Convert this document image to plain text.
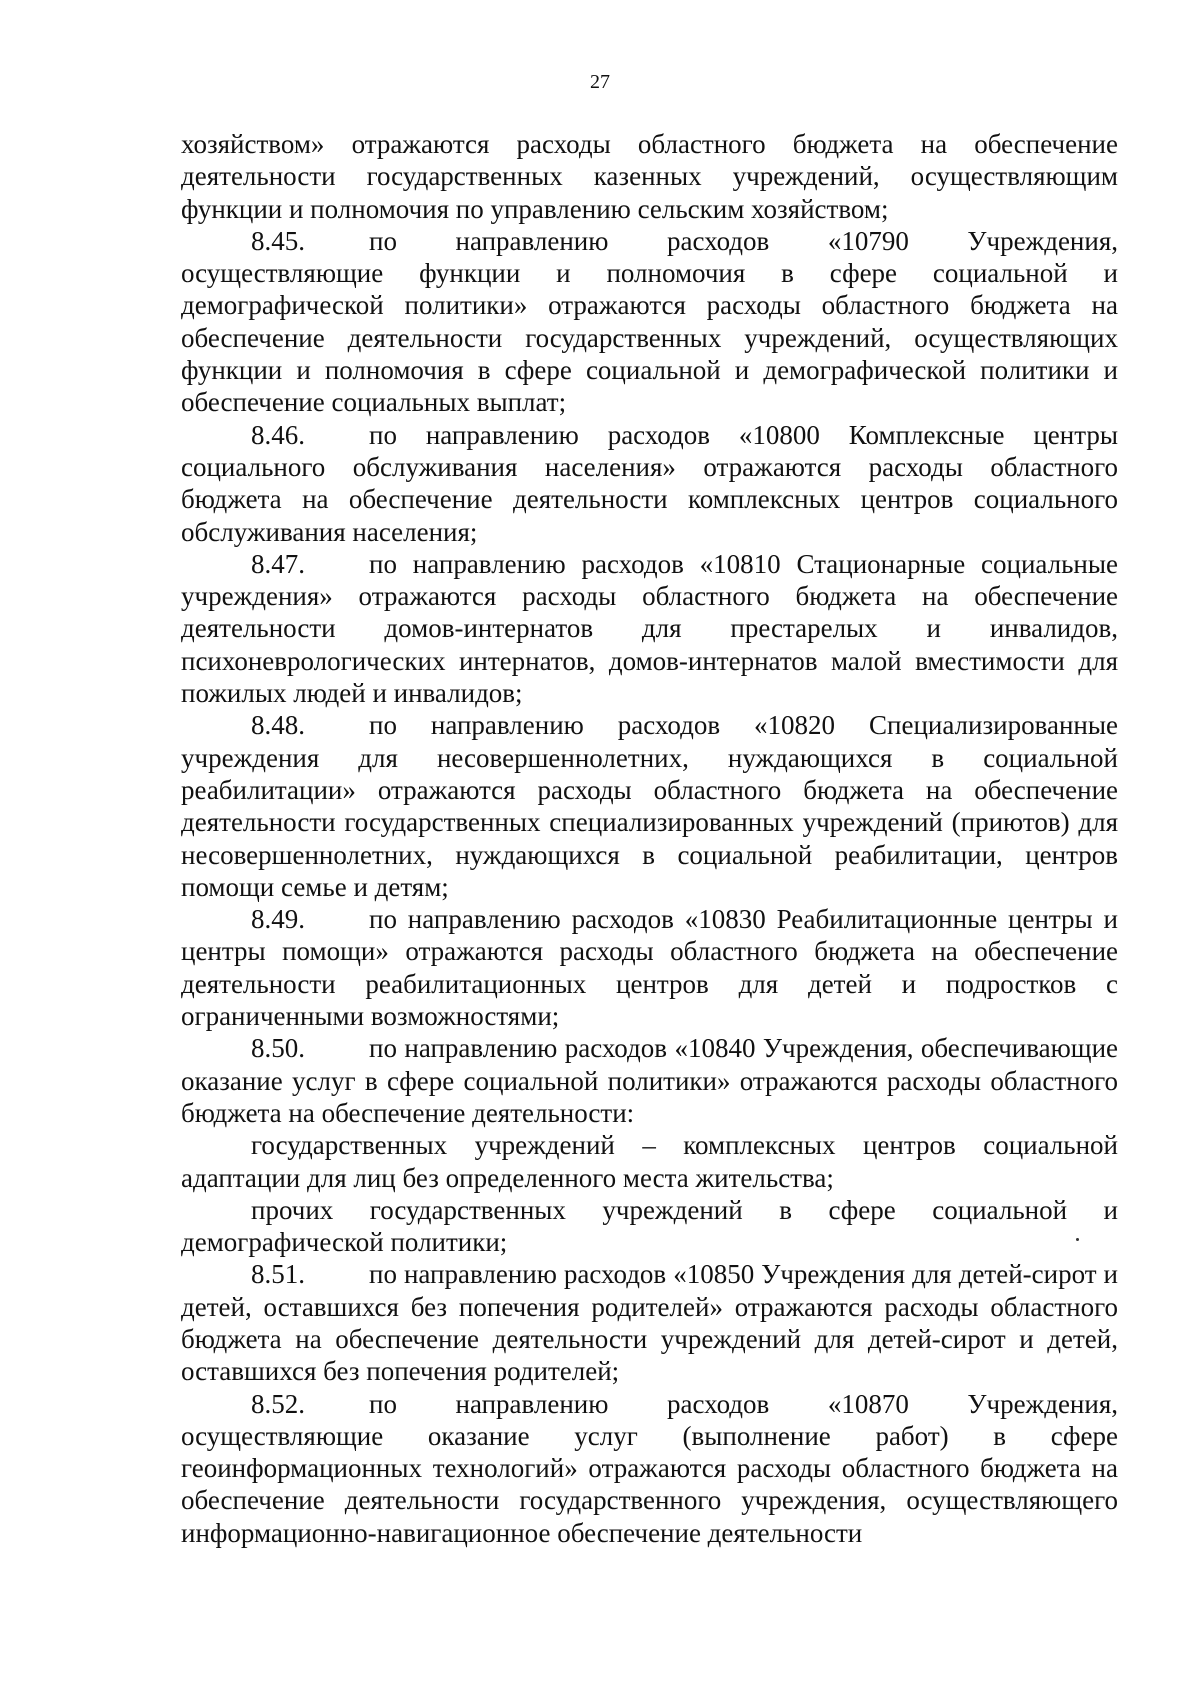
27

хозяйством» отражаются расходы областного бюджета на обеспечение деятельности государственных казенных учреждений, осуществляющим функции и полномочия по управлению сельским хозяйством;

8.45. по направлению расходов «10790 Учреждения, осуществляющие функции и полномочия в сфере социальной и демографической политики» отражаются расходы областного бюджета на обеспечение деятельности государственных учреждений, осуществляющих функции и полномочия в сфере социальной и демографической политики и обеспечение социальных выплат;

8.46. по направлению расходов «10800 Комплексные центры социального обслуживания населения» отражаются расходы областного бюджета на обеспечение деятельности комплексных центров социального обслуживания населения;

8.47. по направлению расходов «10810 Стационарные социальные учреждения» отражаются расходы областного бюджета на обеспечение деятельности домов-интернатов для престарелых и инвалидов, психоневрологических интернатов, домов-интернатов малой вместимости для пожилых людей и инвалидов;

8.48. по направлению расходов «10820 Специализированные учреждения для несовершеннолетних, нуждающихся в социальной реабилитации» отражаются расходы областного бюджета на обеспечение деятельности государственных специализированных учреждений (приютов) для несовершеннолетних, нуждающихся в социальной реабилитации, центров помощи семье и детям;

8.49. по направлению расходов «10830 Реабилитационные центры и центры помощи» отражаются расходы областного бюджета на обеспечение деятельности реабилитационных центров для детей и подростков с ограниченными возможностями;

8.50. по направлению расходов «10840 Учреждения, обеспечивающие оказание услуг в сфере социальной политики» отражаются расходы областного бюджета на обеспечение деятельности:

государственных учреждений – комплексных центров социальной адаптации для лиц без определенного места жительства;

прочих государственных учреждений в сфере социальной и демографической политики;

8.51. по направлению расходов «10850 Учреждения для детей-сирот и детей, оставшихся без попечения родителей» отражаются расходы областного бюджета на обеспечение деятельности учреждений для детей-сирот и детей, оставшихся без попечения родителей;

8.52. по направлению расходов «10870 Учреждения, осуществляющие оказание услуг (выполнение работ) в сфере геоинформационных технологий» отражаются расходы областного бюджета на обеспечение деятельности государственного учреждения, осуществляющего информационно-навигационное обеспечение деятельности
